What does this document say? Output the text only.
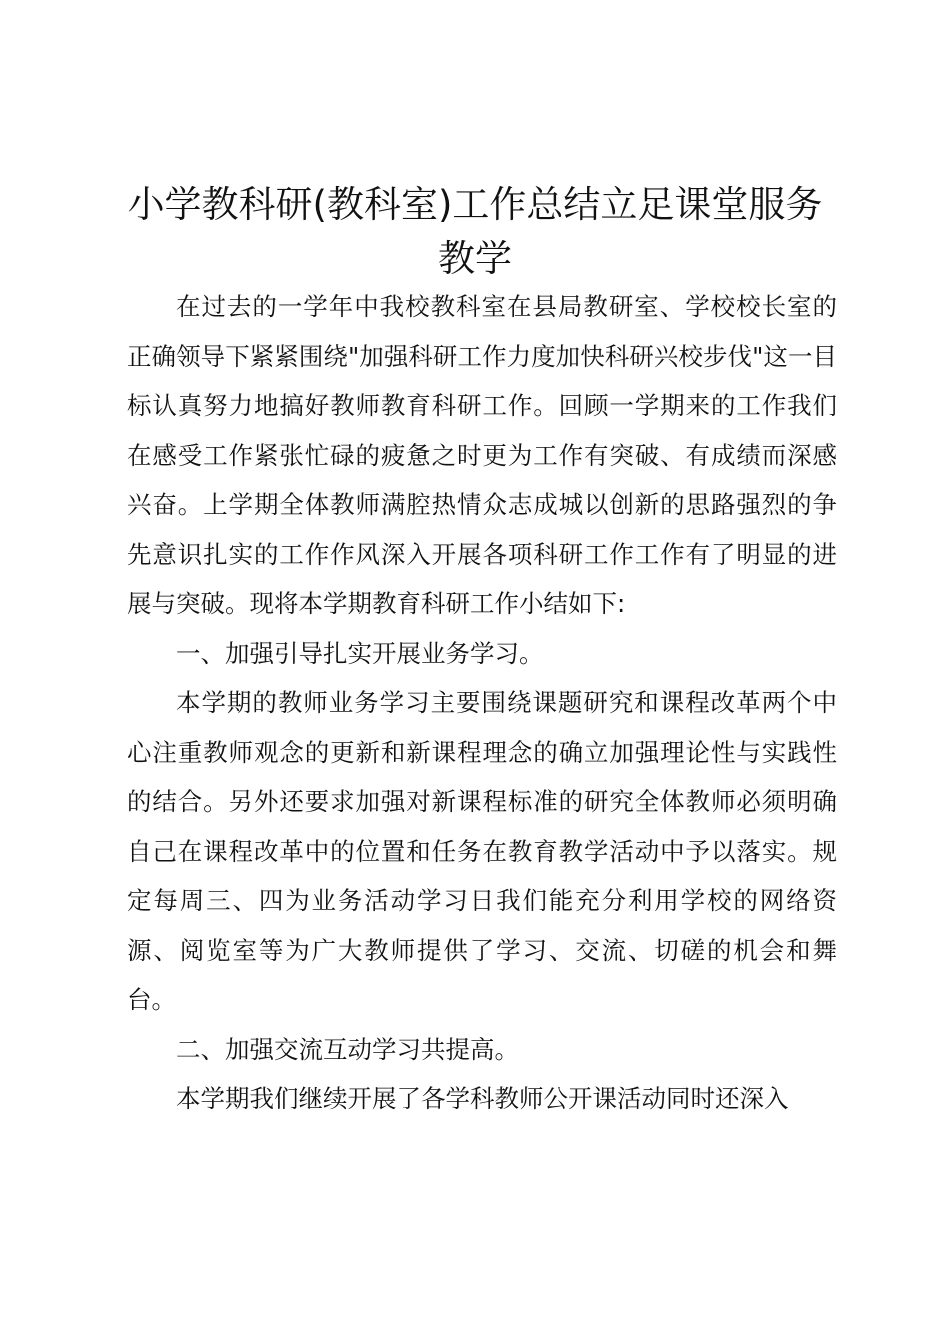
小学教科研(教科室)工作总结立足课堂服务教学

在过去的一学年中我校教科室在县局教研室、学校校长室的正确领导下紧紧围绕"加强科研工作力度加快科研兴校步伐"这一目标认真努力地搞好教师教育科研工作。回顾一学期来的工作我们在感受工作紧张忙碌的疲惫之时更为工作有突破、有成绩而深感兴奋。上学期全体教师满腔热情众志成城以创新的思路强烈的争先意识扎实的工作作风深入开展各项科研工作工作有了明显的进展与突破。现将本学期教育科研工作小结如下:

一、加强引导扎实开展业务学习。

本学期的教师业务学习主要围绕课题研究和课程改革两个中心注重教师观念的更新和新课程理念的确立加强理论性与实践性的结合。另外还要求加强对新课程标准的研究全体教师必须明确自己在课程改革中的位置和任务在教育教学活动中予以落实。规定每周三、四为业务活动学习日我们能充分利用学校的网络资源、阅览室等为广大教师提供了学习、交流、切磋的机会和舞台。

二、加强交流互动学习共提高。

本学期我们继续开展了各学科教师公开课活动同时还深入
